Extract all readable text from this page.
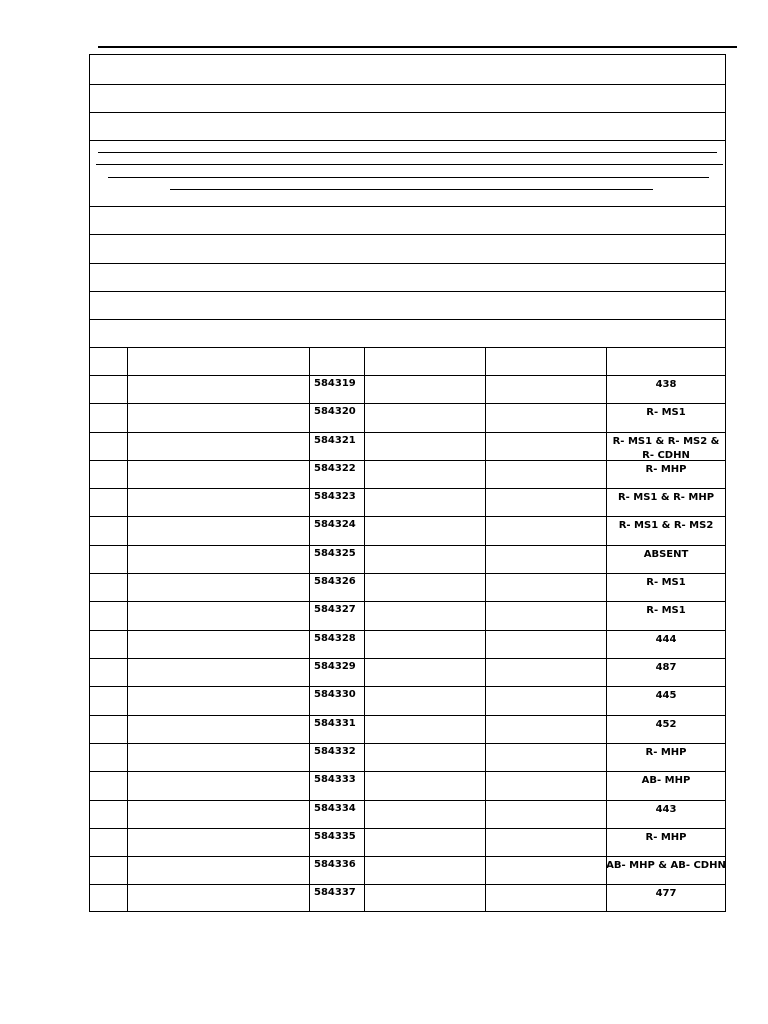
584319	438
584320	R- MS1
584321	R- MS1 & R- MS2 & R- CDHN
584322	R- MHP
584323	R- MS1 & R- MHP
584324	R- MS1 & R- MS2
584325	ABSENT
584326	R- MS1
584327	R- MS1
584328	444
584329	487
584330	445
584331	452
584332	R- MHP
584333	AB- MHP
584334	443
584335	R- MHP
584336	AB- MHP & AB- CDHN
584337	477
